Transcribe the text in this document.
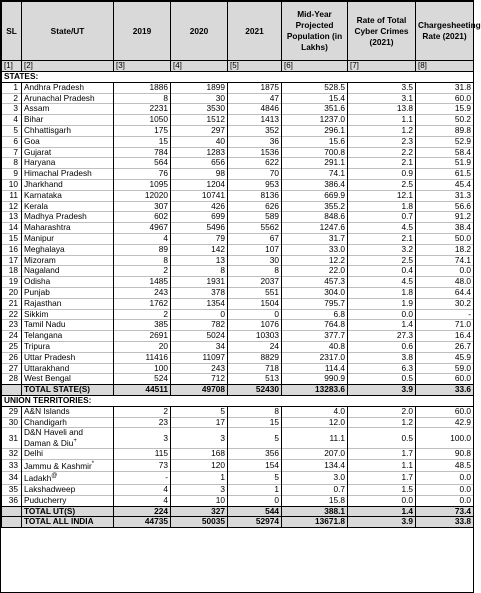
SL	State/UT	2019	2020	2021	Mid-Year Projected Population (in Lakhs)	Rate of Total Cyber Crimes (2021)	Chargesheeting Rate (2021)
[1]	[2]	[3]	[4]	[5]	[6]	[7]	[8]
STATES:							
1	Andhra Pradesh	1886	1899	1875	528.5	3.5	31.8
2	Arunachal Pradesh	8	30	47	15.4	3.1	60.0
3	Assam	2231	3530	4846	351.6	13.8	15.9
4	Bihar	1050	1512	1413	1237.0	1.1	50.2
5	Chhattisgarh	175	297	352	296.1	1.2	89.8
6	Goa	15	40	36	15.6	2.3	52.9
7	Gujarat	784	1283	1536	700.8	2.2	58.4
8	Haryana	564	656	622	291.1	2.1	51.9
9	Himachal Pradesh	76	98	70	74.1	0.9	61.5
10	Jharkhand	1095	1204	953	386.4	2.5	45.4
11	Karnataka	12020	10741	8136	669.9	12.1	31.3
12	Kerala	307	426	626	355.2	1.8	56.6
13	Madhya Pradesh	602	699	589	848.6	0.7	91.2
14	Maharashtra	4967	5496	5562	1247.6	4.5	38.4
15	Manipur	4	79	67	31.7	2.1	50.0
16	Meghalaya	89	142	107	33.0	3.2	18.2
17	Mizoram	8	13	30	12.2	2.5	74.1
18	Nagaland	2	8	8	22.0	0.4	0.0
19	Odisha	1485	1931	2037	457.3	4.5	48.0
20	Punjab	243	378	551	304.0	1.8	64.4
21	Rajasthan	1762	1354	1504	795.7	1.9	30.2
22	Sikkim	2	0	0	6.8	0.0	-
23	Tamil Nadu	385	782	1076	764.8	1.4	71.0
24	Telangana	2691	5024	10303	377.7	27.3	16.4
25	Tripura	20	34	24	40.8	0.6	26.7
26	Uttar Pradesh	11416	11097	8829	2317.0	3.8	45.9
27	Uttarakhand	100	243	718	114.4	6.3	59.0
28	West Bengal	524	712	513	990.9	0.5	60.0
	TOTAL STATE(S)	44511	49708	52430	13283.6	3.9	33.6
UNION TERRITORIES:							
29	A&N Islands	2	5	8	4.0	2.0	60.0
30	Chandigarh	23	17	15	12.0	1.2	42.9
31	D&N Haveli and Daman & Diu+	3	3	5	11.1	0.5	100.0
32	Delhi	115	168	356	207.0	1.7	90.8
33	Jammu & Kashmir*	73	120	154	134.4	1.1	48.5
34	Ladakh@	-	1	5	3.0	1.7	0.0
35	Lakshadweep	4	3	1	0.7	1.5	0.0
36	Puducherry	4	10	0	15.8	0.0	0.0
	TOTAL UT(S)	224	327	544	388.1	1.4	73.4
	TOTAL ALL INDIA	44735	50035	52974	13671.8	3.9	33.8
